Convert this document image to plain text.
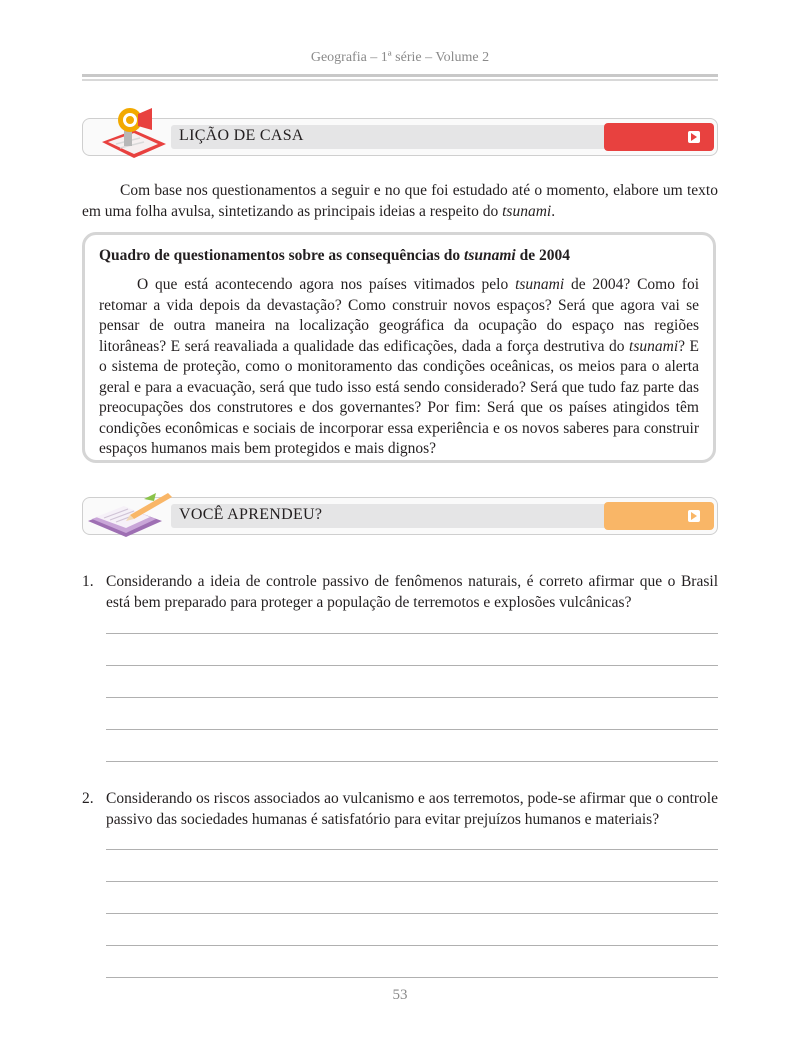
Geografia – 1ª série – Volume 2
LIÇÃO DE CASA

Com base nos questionamentos a seguir e no que foi estudado até o momento, elabore um texto em uma folha avulsa, sintetizando as principais ideias a respeito do tsunami.

Quadro de questionamentos sobre as consequências do tsunami de 2004

O que está acontecendo agora nos países vitimados pelo tsunami de 2004? Como foi retomar a vida depois da devastação? Como construir novos espaços? Será que agora vai se pensar de outra maneira na localização geográfica da ocupação do espaço nas regiões litorâneas? E será reavaliada a qualidade das edificações, dada a força destrutiva do tsunami? E o sistema de proteção, como o monitoramento das condições oceânicas, os meios para o alerta geral e para a evacuação, será que tudo isso está sendo considerado? Será que tudo faz parte das preocupações dos construtores e dos governantes? Por fim: Será que os países atingidos têm condições econômicas e sociais de incorporar essa experiência e os novos saberes para construir espaços humanos mais bem protegidos e mais dignos?

VOCÊ APRENDEU?
1. Considerando a ideia de controle passivo de fenômenos naturais, é correto afirmar que o Brasil está bem preparado para proteger a população de terremotos e explosões vulcânicas?
2. Considerando os riscos associados ao vulcanismo e aos terremotos, pode-se afirmar que o controle passivo das sociedades humanas é satisfatório para evitar prejuízos humanos e materiais?
53
